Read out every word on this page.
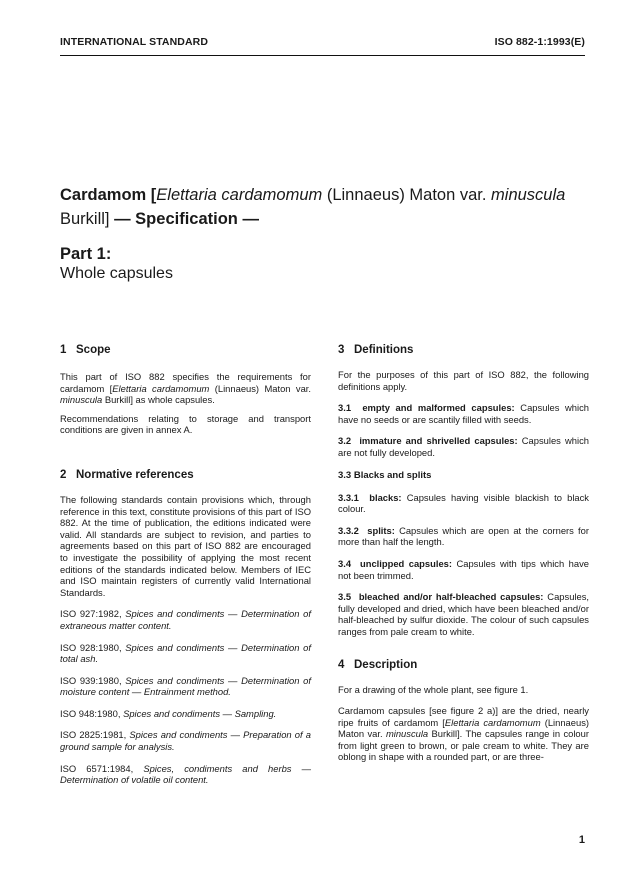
INTERNATIONAL STANDARD	ISO 882-1:1993(E)
Cardamom [Elettaria cardamomum (Linnaeus) Maton var. minuscula Burkill] — Specification —
Part 1:
Whole capsules
1 Scope

This part of ISO 882 specifies the requirements for cardamom [Elettaria cardamomum (Linnaeus) Maton var. minuscula Burkill] as whole capsules.

Recommendations relating to storage and transport conditions are given in annex A.

2 Normative references

The following standards contain provisions which, through reference in this text, constitute provisions of this part of ISO 882. At the time of publication, the editions indicated were valid. All standards are subject to revision, and parties to agreements based on this part of ISO 882 are encouraged to investigate the possibility of applying the most recent editions of the standards indicated below. Members of IEC and ISO maintain registers of currently valid International Standards.

ISO 927:1982, Spices and condiments — Determination of extraneous matter content.

ISO 928:1980, Spices and condiments — Determination of total ash.

ISO 939:1980, Spices and condiments — Determination of moisture content — Entrainment method.

ISO 948:1980, Spices and condiments — Sampling.

ISO 2825:1981, Spices and condiments — Preparation of a ground sample for analysis.

ISO 6571:1984, Spices, condiments and herbs — Determination of volatile oil content.

3 Definitions

For the purposes of this part of ISO 882, the following definitions apply.

3.1 empty and malformed capsules: Capsules which have no seeds or are scantily filled with seeds.

3.2 immature and shrivelled capsules: Capsules which are not fully developed.

3.3 Blacks and splits

3.3.1 blacks: Capsules having visible blackish to black colour.

3.3.2 splits: Capsules which are open at the corners for more than half the length.

3.4 unclipped capsules: Capsules with tips which have not been trimmed.

3.5 bleached and/or half-bleached capsules: Capsules, fully developed and dried, which have been bleached and/or half-bleached by sulfur dioxide. The colour of such capsules ranges from pale cream to white.

4 Description

For a drawing of the whole plant, see figure 1.

Cardamom capsules [see figure 2 a)] are the dried, nearly ripe fruits of cardamom [Elettaria cardamomum (Linnaeus) Maton var. minuscula Burkill]. The capsules range in colour from light green to brown, or pale cream to white. They are oblong in shape with a rounded part, or are three-

1
